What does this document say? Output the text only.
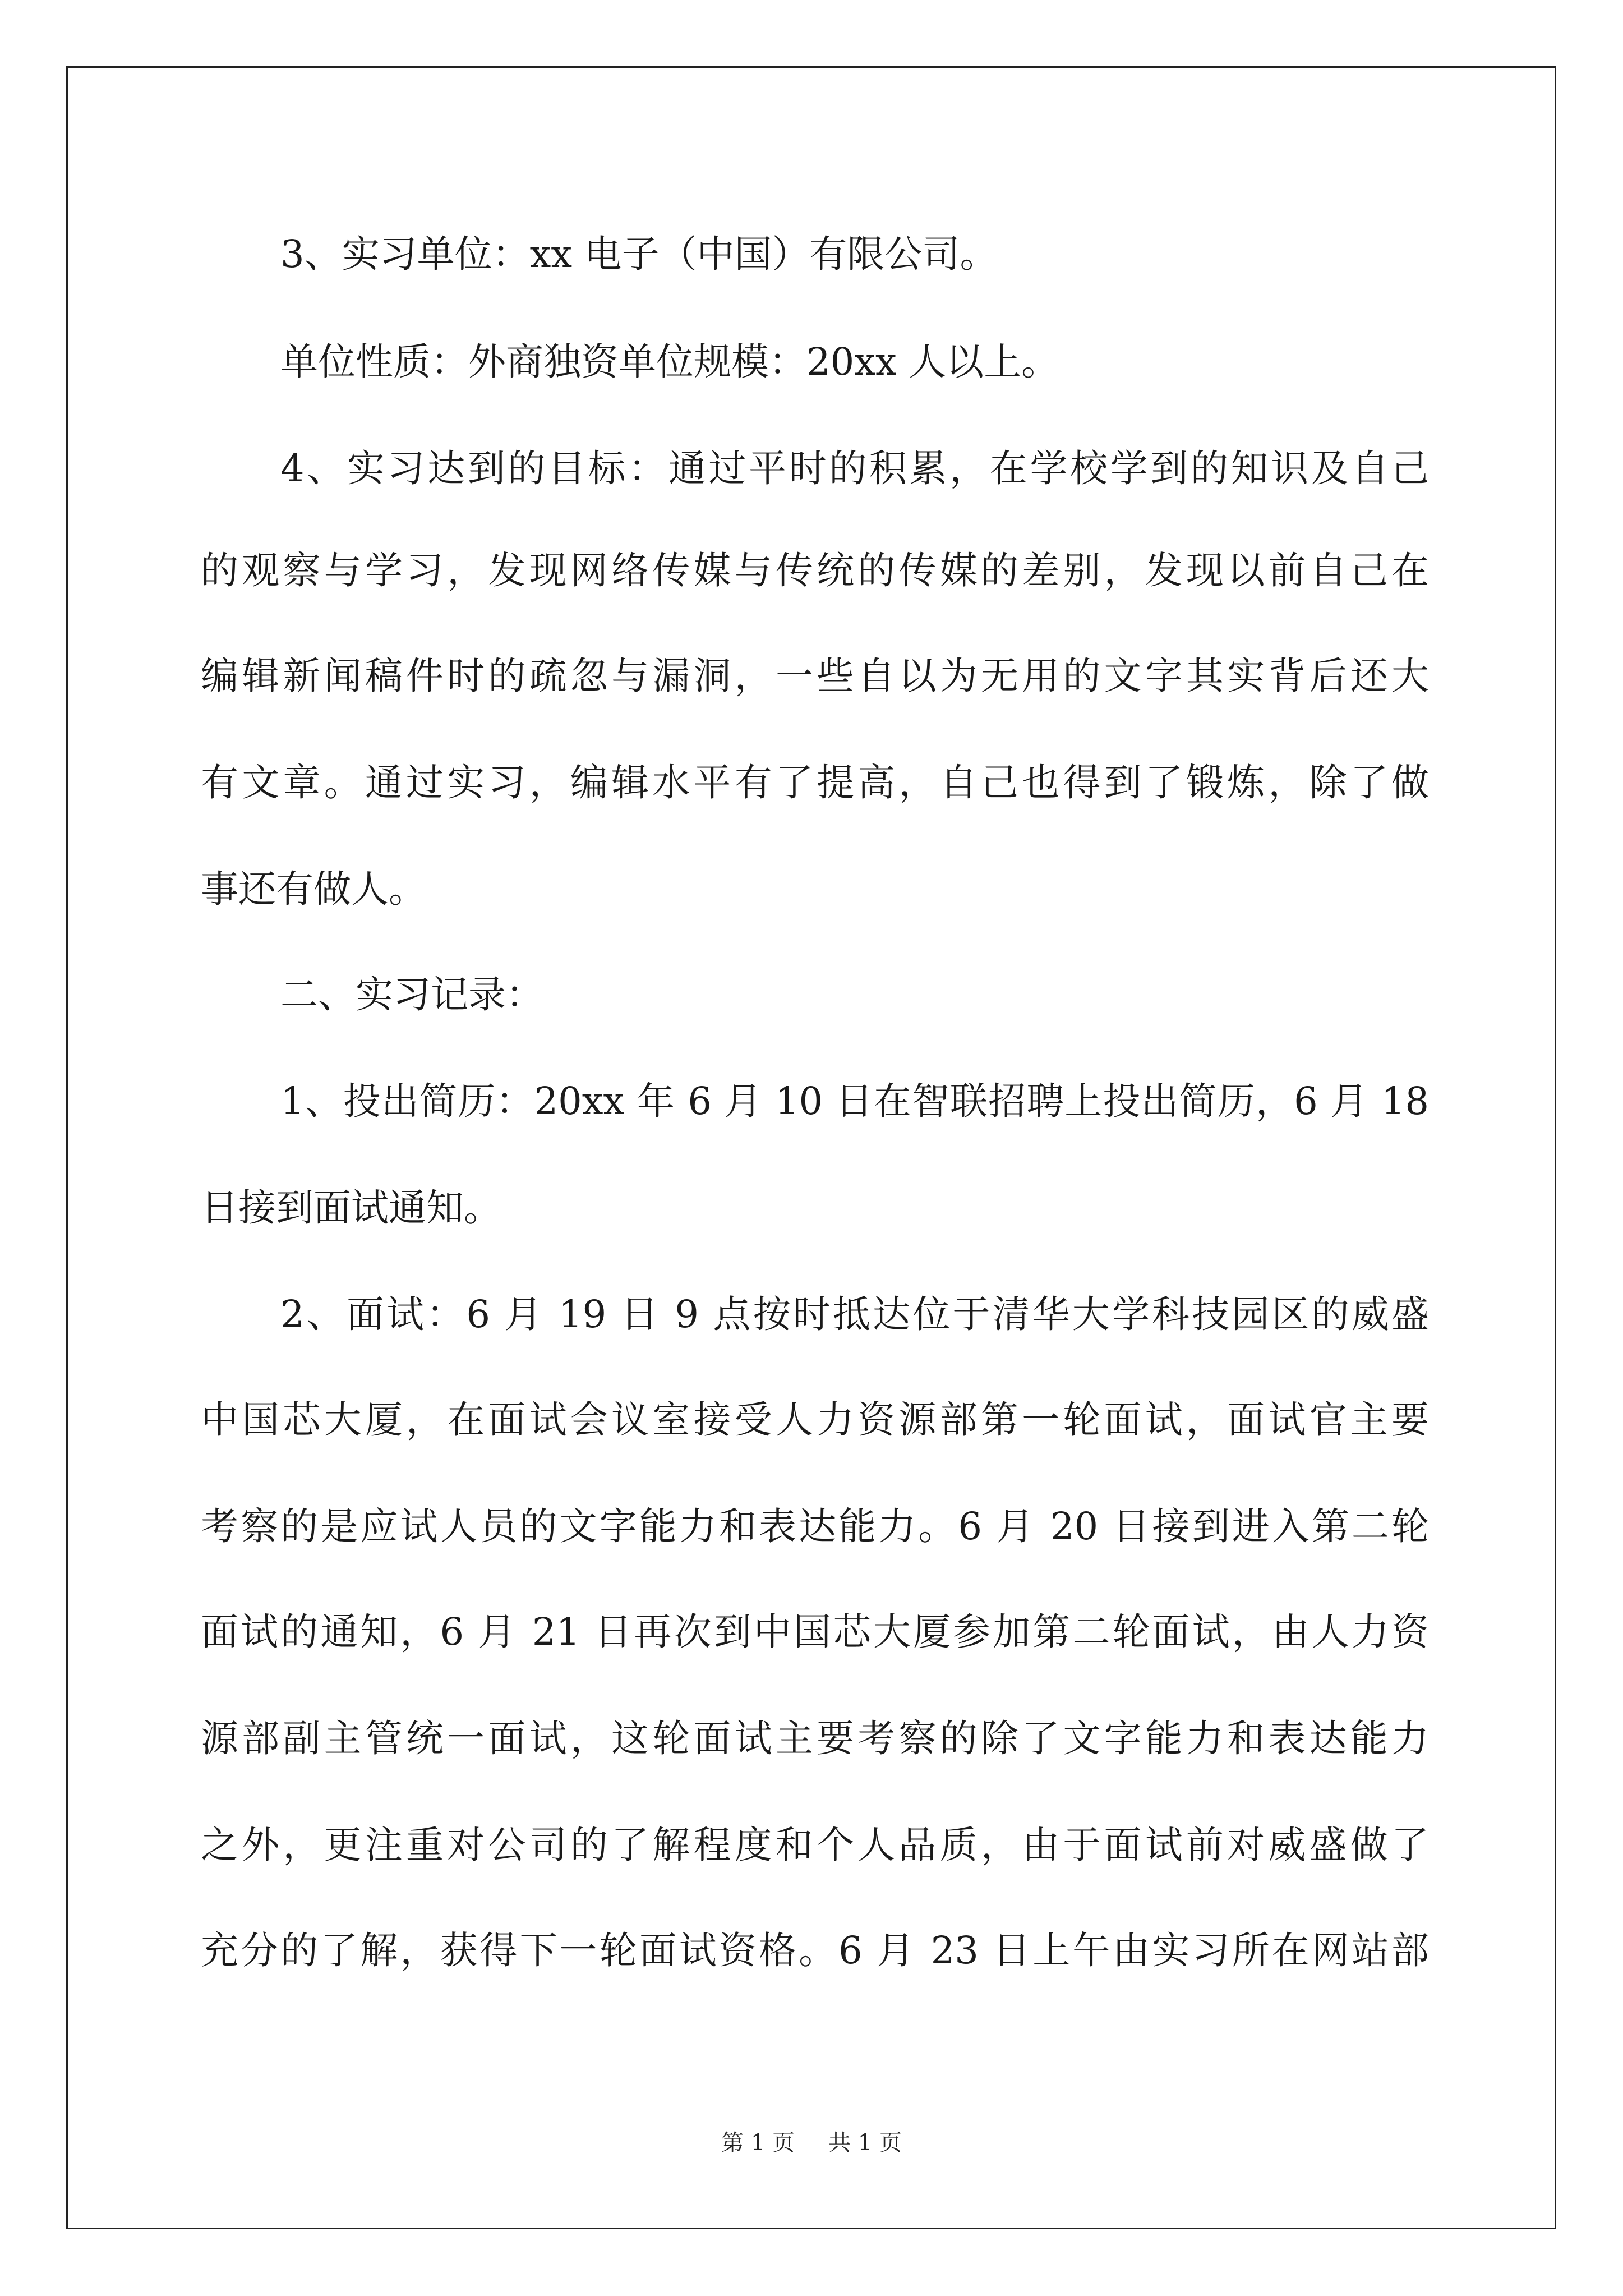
3、实习单位：xx 电子（中国）有限公司。
单位性质：外商独资单位规模：20xx 人以上。
4、实习达到的目标：通过平时的积累，在学校学到的知识及自己
的观察与学习，发现网络传媒与传统的传媒的差别，发现以前自己在
编辑新闻稿件时的疏忽与漏洞，一些自以为无用的文字其实背后还大
有文章。通过实习，编辑水平有了提高，自己也得到了锻炼，除了做
事还有做人。
二、实习记录：
1、投出简历：20xx 年 6 月 10 日在智联招聘上投出简历，6 月 18
日接到面试通知。
2、面试：6 月 19 日 9 点按时抵达位于清华大学科技园区的威盛
中国芯大厦，在面试会议室接受人力资源部第一轮面试，面试官主要
考察的是应试人员的文字能力和表达能力。6 月 20 日接到进入第二轮
面试的通知，6 月 21 日再次到中国芯大厦参加第二轮面试，由人力资
源部副主管统一面试，这轮面试主要考察的除了文字能力和表达能力
之外，更注重对公司的了解程度和个人品质，由于面试前对威盛做了
充分的了解，获得下一轮面试资格。6 月 23 日上午由实习所在网站部
第 1 页 共 1 页
